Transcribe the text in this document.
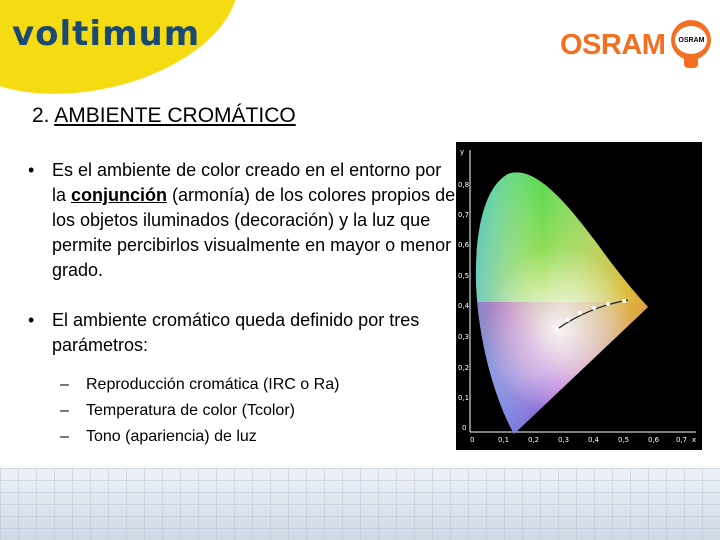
voltimum	OSRAM OSRAM
2. AMBIENTE CROMÁTICO
• Es el ambiente de color creado en el entorno por la conjunción (armonía) de los colores propios de los objetos iluminados (decoración) y la luz que permite percibirlos visualmente en mayor o menor grado.
• El ambiente cromático queda definido por tres parámetros:
– Reproducción cromática (IRC o Ra)
– Temperatura de color (Tcolor)
– Tono (apariencia) de luz
y
0,8
0,7
0,6
0,5
0,4
0,3
0,2
0,1
0
0	0,1	0,2	0,3	0,4	0,5	0,6 0,7 x
